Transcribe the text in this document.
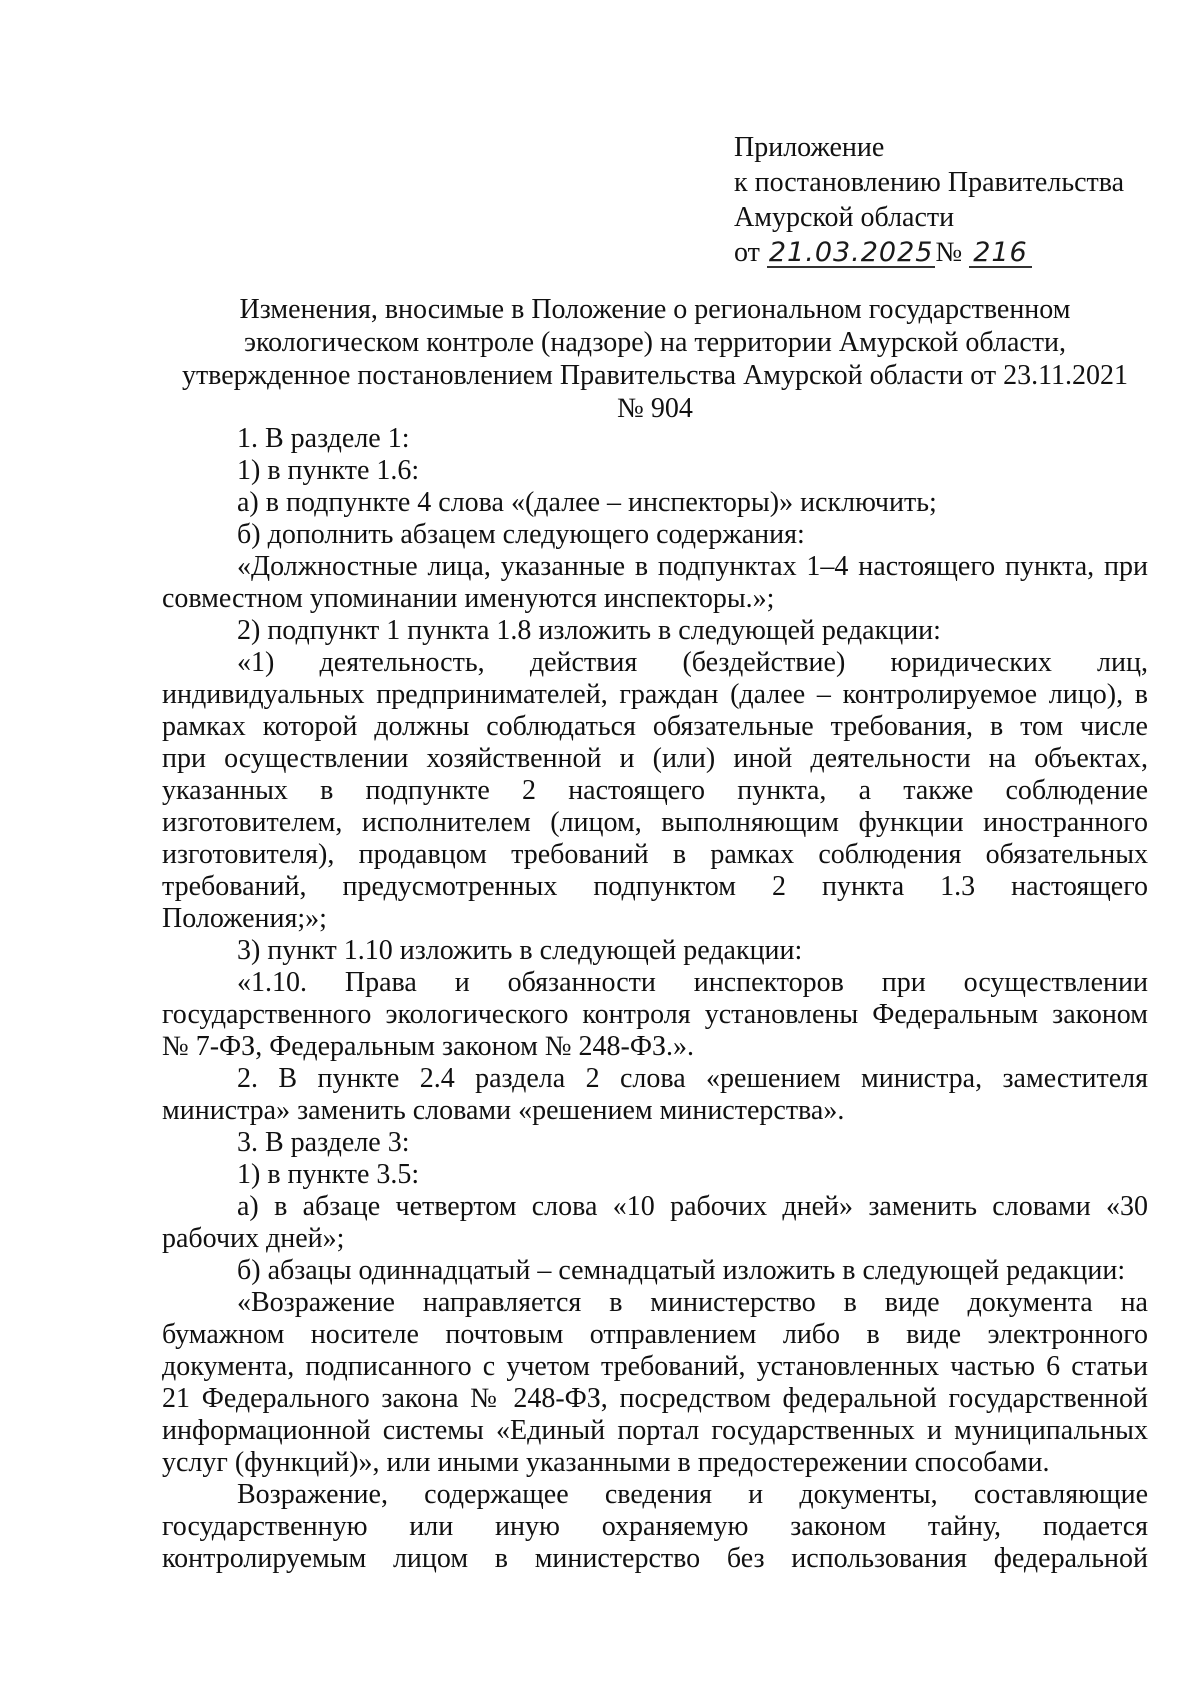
Приложение
к постановлению Правительства
Амурской области
от 21.03.2025№ 216
Изменения, вносимые в Положение о региональном государственном
экологическом контроле (надзоре) на территории Амурской области,
утвержденное постановлением Правительства Амурской области от 23.11.2021
№ 904
1. В разделе 1:
1) в пункте 1.6:
а) в подпункте 4 слова «(далее – инспекторы)» исключить;
б) дополнить абзацем следующего содержания:
«Должностные лица, указанные в подпунктах 1–4 настоящего пункта, при
совместном упоминании именуются инспекторы.»;
2) подпункт 1 пункта 1.8 изложить в следующей редакции:
«1) деятельность, действия (бездействие) юридических лиц,
индивидуальных предпринимателей, граждан (далее – контролируемое лицо), в
рамках которой должны соблюдаться обязательные требования, в том числе
при осуществлении хозяйственной и (или) иной деятельности на объектах,
указанных в подпункте 2 настоящего пункта, а также соблюдение
изготовителем, исполнителем (лицом, выполняющим функции иностранного
изготовителя), продавцом требований в рамках соблюдения обязательных
требований, предусмотренных подпунктом 2 пункта 1.3 настоящего
Положения;»;
3) пункт 1.10 изложить в следующей редакции:
«1.10. Права и обязанности инспекторов при осуществлении
государственного экологического контроля установлены Федеральным законом
№ 7-ФЗ, Федеральным законом № 248-ФЗ.».
2. В пункте 2.4 раздела 2 слова «решением министра, заместителя
министра» заменить словами «решением министерства».
3. В разделе 3:
1) в пункте 3.5:
а) в абзаце четвертом слова «10 рабочих дней» заменить словами «30
рабочих дней»;
б) абзацы одиннадцатый – семнадцатый изложить в следующей редакции:
«Возражение направляется в министерство в виде документа на
бумажном носителе почтовым отправлением либо в виде электронного
документа, подписанного с учетом требований, установленных частью 6 статьи
21 Федерального закона № 248-ФЗ, посредством федеральной государственной
информационной системы «Единый портал государственных и муниципальных
услуг (функций)», или иными указанными в предостережении способами.
Возражение, содержащее сведения и документы, составляющие
государственную или иную охраняемую законом тайну, подается
контролируемым лицом в министерство без использования федеральной
